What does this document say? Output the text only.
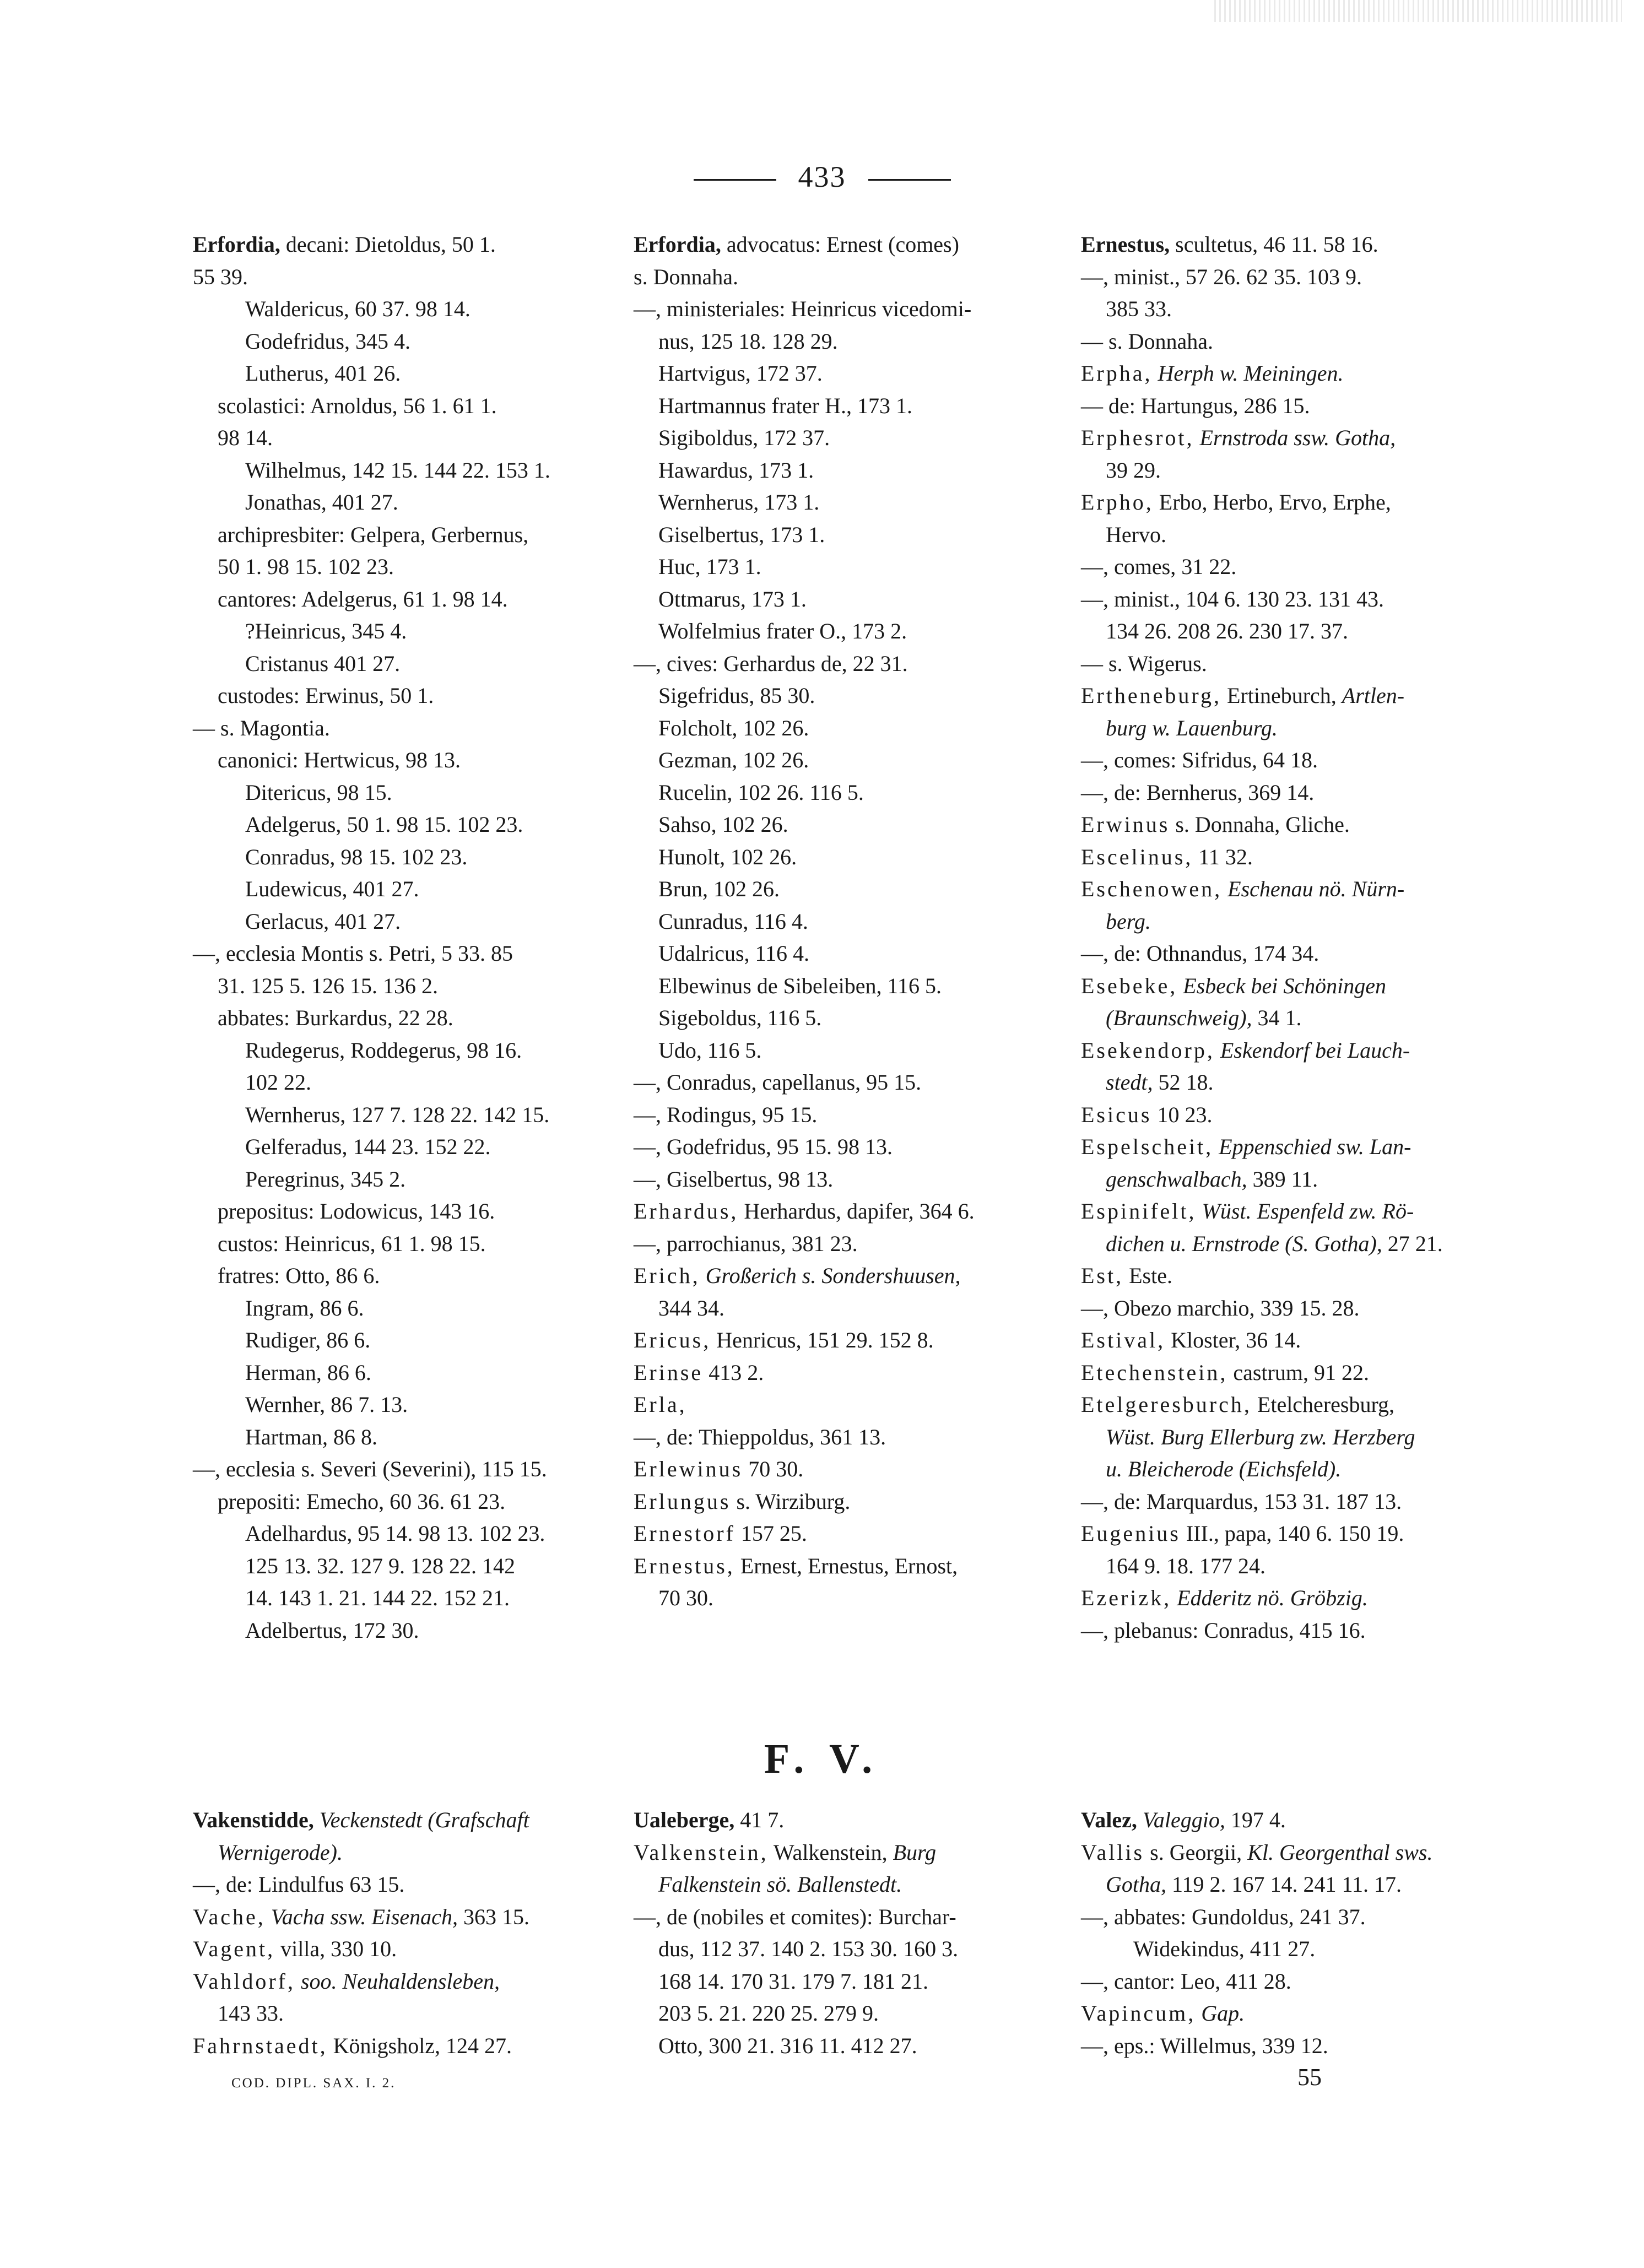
433
Erfordia, decani: Dietoldus, 50 1.
55 39.
Waldericus, 60 37. 98 14.
Godefridus, 345 4.
Lutherus, 401 26.
scolastici: Arnoldus, 56 1. 61 1.
98 14.
Wilhelmus, 142 15. 144 22. 153 1.
Jonathas, 401 27.
archipresbiter: Gelpera, Gerbernus,
50 1. 98 15. 102 23.
cantores: Adelgerus, 61 1. 98 14.
?Heinricus, 345 4.
Cristanus 401 27.
custodes: Erwinus, 50 1.
— s. Magontia.
canonici: Hertwicus, 98 13.
Ditericus, 98 15.
Adelgerus, 50 1. 98 15. 102 23.
Conradus, 98 15. 102 23.
Ludewicus, 401 27.
Gerlacus, 401 27.
—, ecclesia Montis s. Petri, 5 33. 85
31. 125 5. 126 15. 136 2.
abbates: Burkardus, 22 28.
Rudegerus, Roddegerus, 98 16.
102 22.
Wernherus, 127 7. 128 22. 142 15.
Gelferadus, 144 23. 152 22.
Peregrinus, 345 2.
prepositus: Lodowicus, 143 16.
custos: Heinricus, 61 1. 98 15.
fratres: Otto, 86 6.
Ingram, 86 6.
Rudiger, 86 6.
Herman, 86 6.
Wernher, 86 7. 13.
Hartman, 86 8.
—, ecclesia s. Severi (Severini), 115 15.
prepositi: Emecho, 60 36. 61 23.
Adelhardus, 95 14. 98 13. 102 23.
125 13. 32. 127 9. 128 22. 142
14. 143 1. 21. 144 22. 152 21.
Adelbertus, 172 30.
Erfordia, advocatus: Ernest (comes)
s. Donnaha.
—, ministeriales: Heinricus vicedomi-
nus, 125 18. 128 29.
Hartvigus, 172 37.
Hartmannus frater H., 173 1.
Sigiboldus, 172 37.
Hawardus, 173 1.
Wernherus, 173 1.
Giselbertus, 173 1.
Huc, 173 1.
Ottmarus, 173 1.
Wolfelmius frater O., 173 2.
—, cives: Gerhardus de, 22 31.
Sigefridus, 85 30.
Folcholt, 102 26.
Gezman, 102 26.
Rucelin, 102 26. 116 5.
Sahso, 102 26.
Hunolt, 102 26.
Brun, 102 26.
Cunradus, 116 4.
Udalricus, 116 4.
Elbewinus de Sibeleiben, 116 5.
Sigeboldus, 116 5.
Udo, 116 5.
—, Conradus, capellanus, 95 15.
—, Rodingus, 95 15.
—, Godefridus, 95 15. 98 13.
—, Giselbertus, 98 13.
Erhardus, Herhardus, dapifer, 364 6.
—, parrochianus, 381 23.
Erich, Großerich s. Sondershuusen,
344 34.
Ericus, Henricus, 151 29. 152 8.
Erinse 413 2.
Erla,
—, de: Thieppoldus, 361 13.
Erlewinus 70 30.
Erlungus s. Wirziburg.
Ernestorf 157 25.
Ernestus, Ernest, Ernestus, Ernost,
70 30.
Ernestus, scultetus, 46 11. 58 16.
—, minist., 57 26. 62 35. 103 9.
385 33.
— s. Donnaha.
Erpha, Herph w. Meiningen.
— de: Hartungus, 286 15.
Erphesrot, Ernstroda ssw. Gotha,
39 29.
Erpho, Erbo, Herbo, Ervo, Erphe,
Hervo.
—, comes, 31 22.
—, minist., 104 6. 130 23. 131 43.
134 26. 208 26. 230 17. 37.
— s. Wigerus.
Ertheneburg, Ertineburch, Artlen-
burg w. Lauenburg.
—, comes: Sifridus, 64 18.
—, de: Bernherus, 369 14.
Erwinus s. Donnaha, Gliche.
Escelinus, 11 32.
Eschenowen, Eschenau nö. Nürn-
berg.
—, de: Othnandus, 174 34.
Esebeke, Esbeck bei Schöningen
(Braunschweig), 34 1.
Esekendorp, Eskendorf bei Lauch-
stedt, 52 18.
Esicus 10 23.
Espelscheit, Eppenschied sw. Lan-
genschwalbach, 389 11.
Espinifelt, Wüst. Espenfeld zw. Rö-
dichen u. Ernstrode (S. Gotha), 27 21.
Est, Este.
—, Obezo marchio, 339 15. 28.
Estival, Kloster, 36 14.
Etechenstein, castrum, 91 22.
Etelgeresburch, Etelcheresburg,
Wüst. Burg Ellerburg zw. Herzberg
u. Bleicherode (Eichsfeld).
—, de: Marquardus, 153 31. 187 13.
Eugenius III., papa, 140 6. 150 19.
164 9. 18. 177 24.
Ezerizk, Edderitz nö. Gröbzig.
—, plebanus: Conradus, 415 16.
F. V.
Vakenstidde, Veckenstedt (Grafschaft
Wernigerode).
—, de: Lindulfus 63 15.
Vache, Vacha ssw. Eisenach, 363 15.
Vagent, villa, 330 10.
Vahldorf, soo. Neuhaldensleben,
143 33.
Fahrnstaedt, Königsholz, 124 27.
Ualeberge, 41 7.
Valkenstein, Walkenstein, Burg
Falkenstein sö. Ballenstedt.
—, de (nobiles et comites): Burchar-
dus, 112 37. 140 2. 153 30. 160 3.
168 14. 170 31. 179 7. 181 21.
203 5. 21. 220 25. 279 9.
Otto, 300 21. 316 11. 412 27.
Valez, Valeggio, 197 4.
Vallis s. Georgii, Kl. Georgenthal sws.
Gotha, 119 2. 167 14. 241 11. 17.
—, abbates: Gundoldus, 241 37.
Widekindus, 411 27.
—, cantor: Leo, 411 28.
Vapincum, Gap.
—, eps.: Willelmus, 339 12.
COD. DIPL. SAX. I. 2.	55
